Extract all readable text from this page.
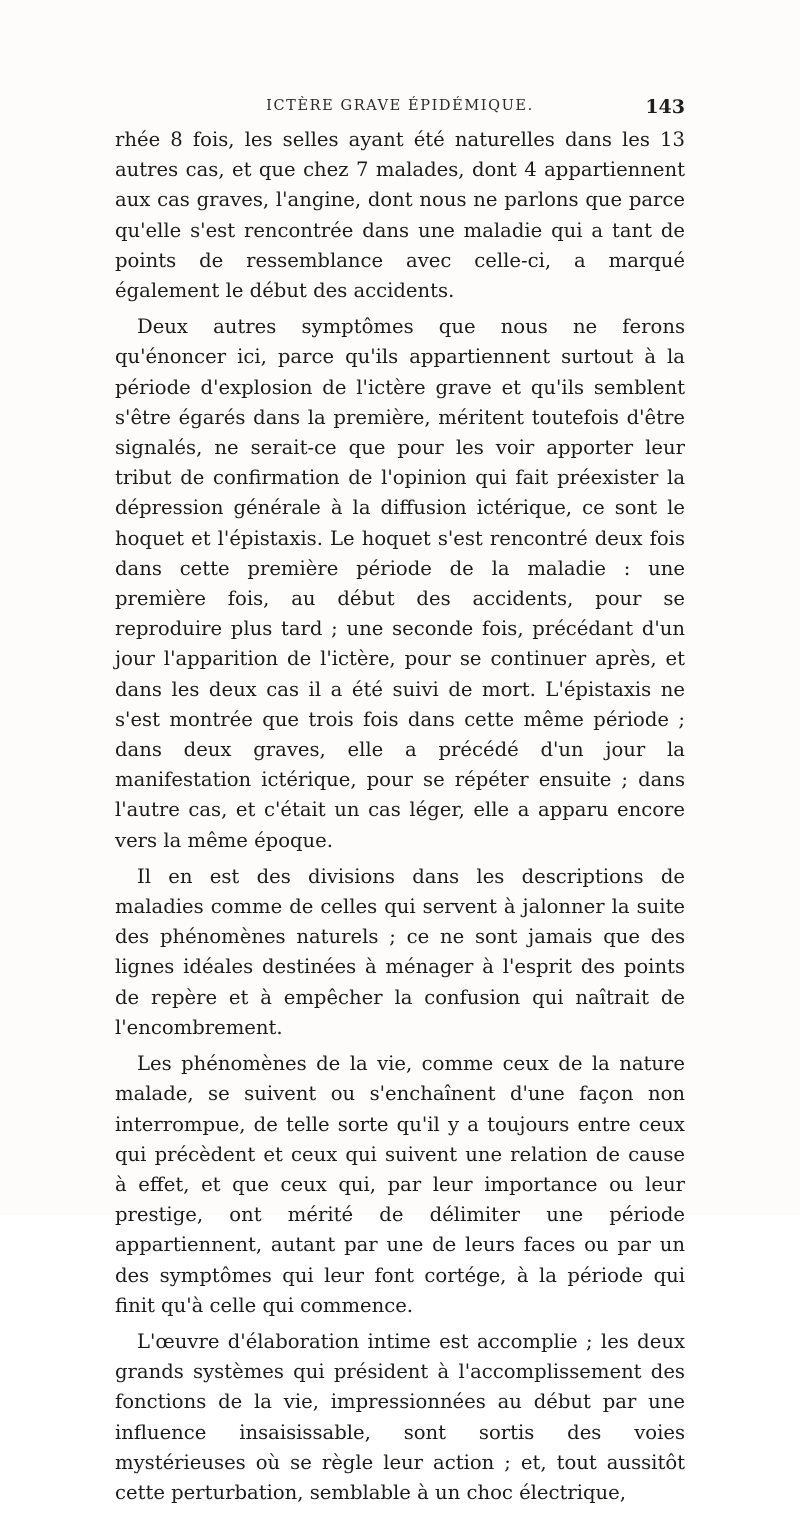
ICTÈRE GRAVE ÉPIDÉMIQUE.	143

rhée 8 fois, les selles ayant été naturelles dans les 13 autres cas, et que chez 7 malades, dont 4 appartiennent aux cas graves, l'angine, dont nous ne parlons que parce qu'elle s'est rencontrée dans une maladie qui a tant de points de ressemblance avec celle-ci, a marqué également le début des accidents.

Deux autres symptômes que nous ne ferons qu'énoncer ici, parce qu'ils appartiennent surtout à la période d'explosion de l'ictère grave et qu'ils semblent s'être égarés dans la première, méritent toutefois d'être signalés, ne serait-ce que pour les voir apporter leur tribut de confirmation de l'opinion qui fait préexister la dépression générale à la diffusion ictérique, ce sont le hoquet et l'épistaxis. Le hoquet s'est rencontré deux fois dans cette première période de la maladie : une première fois, au début des accidents, pour se reproduire plus tard ; une seconde fois, précédant d'un jour l'apparition de l'ictère, pour se continuer après, et dans les deux cas il a été suivi de mort. L'épistaxis ne s'est montrée que trois fois dans cette même période ; dans deux graves, elle a précédé d'un jour la manifestation ictérique, pour se répéter ensuite ; dans l'autre cas, et c'était un cas léger, elle a apparu encore vers la même époque.

Il en est des divisions dans les descriptions de maladies comme de celles qui servent à jalonner la suite des phénomènes naturels ; ce ne sont jamais que des lignes idéales destinées à ménager à l'esprit des points de repère et à empêcher la confusion qui naîtrait de l'encombrement.

Les phénomènes de la vie, comme ceux de la nature malade, se suivent ou s'enchaînent d'une façon non interrompue, de telle sorte qu'il y a toujours entre ceux qui précèdent et ceux qui suivent une relation de cause à effet, et que ceux qui, par leur importance ou leur prestige, ont mérité de délimiter une période appartiennent, autant par une de leurs faces ou par un des symptômes qui leur font cortége, à la période qui finit qu'à celle qui commence.

L'œuvre d'élaboration intime est accomplie ; les deux grands systèmes qui président à l'accomplissement des fonctions de la vie, impressionnées au début par une influence insaisissable, sont sortis des voies mystérieuses où se règle leur action ; et, tout aussitôt cette perturbation, semblable à un choc électrique,
